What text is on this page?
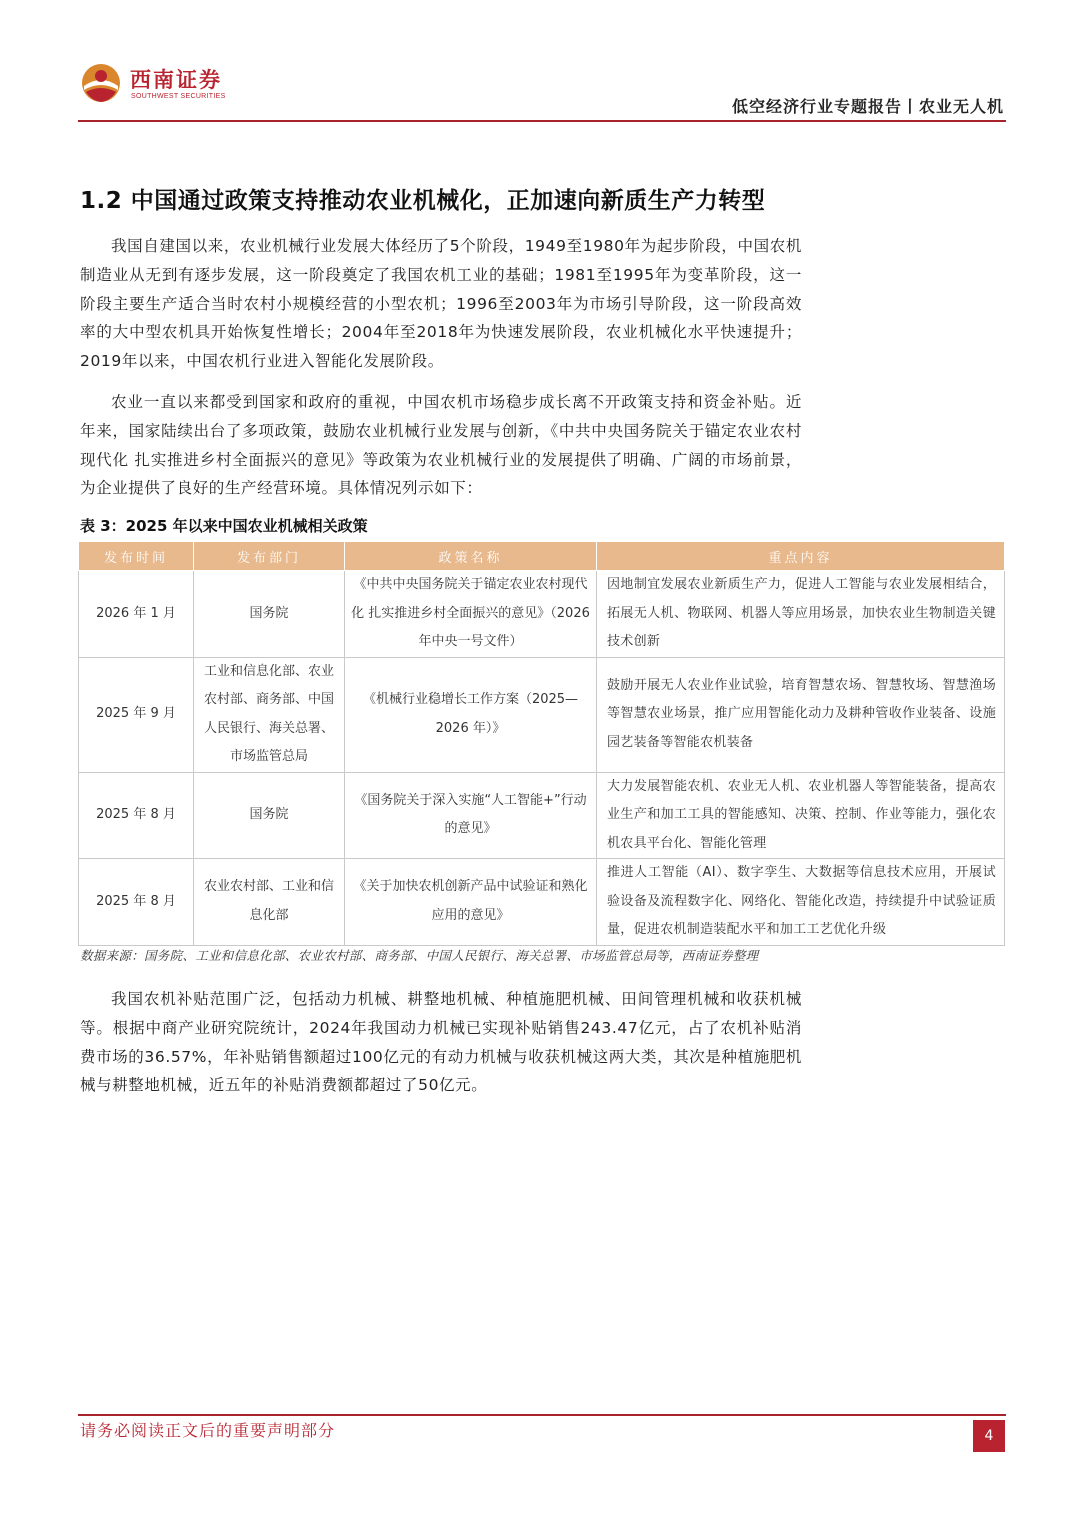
西南证券
SOUTHWEST SECURITIES
低空经济行业专题报告丨农业无人机
1.2 中国通过政策支持推动农业机械化，正加速向新质生产力转型

我国自建国以来，农业机械行业发展大体经历了5个阶段，1949至1980年为起步阶段，中国农机制造业从无到有逐步发展，这一阶段奠定了我国农机工业的基础；1981至1995年为变革阶段，这一阶段主要生产适合当时农村小规模经营的小型农机；1996至2003年为市场引导阶段，这一阶段高效率的大中型农机具开始恢复性增长；2004年至2018年为快速发展阶段，农业机械化水平快速提升；2019年以来，中国农机行业进入智能化发展阶段。

农业一直以来都受到国家和政府的重视，中国农机市场稳步成长离不开政策支持和资金补贴。近年来，国家陆续出台了多项政策，鼓励农业机械行业发展与创新，《中共中央国务院关于锚定农业农村现代化 扎实推进乡村全面振兴的意见》等政策为农业机械行业的发展提供了明确、广阔的市场前景，为企业提供了良好的生产经营环境。具体情况列示如下：

表 3：2025 年以来中国农业机械相关政策
发布时间	发布部门	政策名称	重点内容
2026 年 1 月	国务院	《中共中央国务院关于锚定农业农村现代化 扎实推进乡村全面振兴的意见》（2026 年中央一号文件）	因地制宜发展农业新质生产力，促进人工智能与农业发展相结合，拓展无人机、物联网、机器人等应用场景，加快农业生物制造关键技术创新
2025 年 9 月	工业和信息化部、农业农村部、商务部、中国人民银行、海关总署、市场监管总局	《机械行业稳增长工作方案（2025—2026 年）》	鼓励开展无人农业作业试验，培育智慧农场、智慧牧场、智慧渔场等智慧农业场景，推广应用智能化动力及耕种管收作业装备、设施园艺装备等智能农机装备
2025 年 8 月	国务院	《国务院关于深入实施“人工智能+”行动的意见》	大力发展智能农机、农业无人机、农业机器人等智能装备，提高农业生产和加工工具的智能感知、决策、控制、作业等能力，强化农机农具平台化、智能化管理
2025 年 8 月	农业农村部、工业和信息化部	《关于加快农机创新产品中试验证和熟化应用的意见》	推进人工智能（AI）、数字孪生、大数据等信息技术应用，开展试验设备及流程数字化、网络化、智能化改造，持续提升中试验证质量，促进农机制造装配水平和加工工艺优化升级
数据来源：国务院、工业和信息化部、农业农村部、商务部、中国人民银行、海关总署、市场监管总局等，西南证券整理

我国农机补贴范围广泛，包括动力机械、耕整地机械、种植施肥机械、田间管理机械和收获机械等。根据中商产业研究院统计，2024年我国动力机械已实现补贴销售243.47亿元，占了农机补贴消费市场的36.57%，年补贴销售额超过100亿元的有动力机械与收获机械这两大类，其次是种植施肥机械与耕整地机械，近五年的补贴消费额都超过了50亿元。

请务必阅读正文后的重要声明部分	4
